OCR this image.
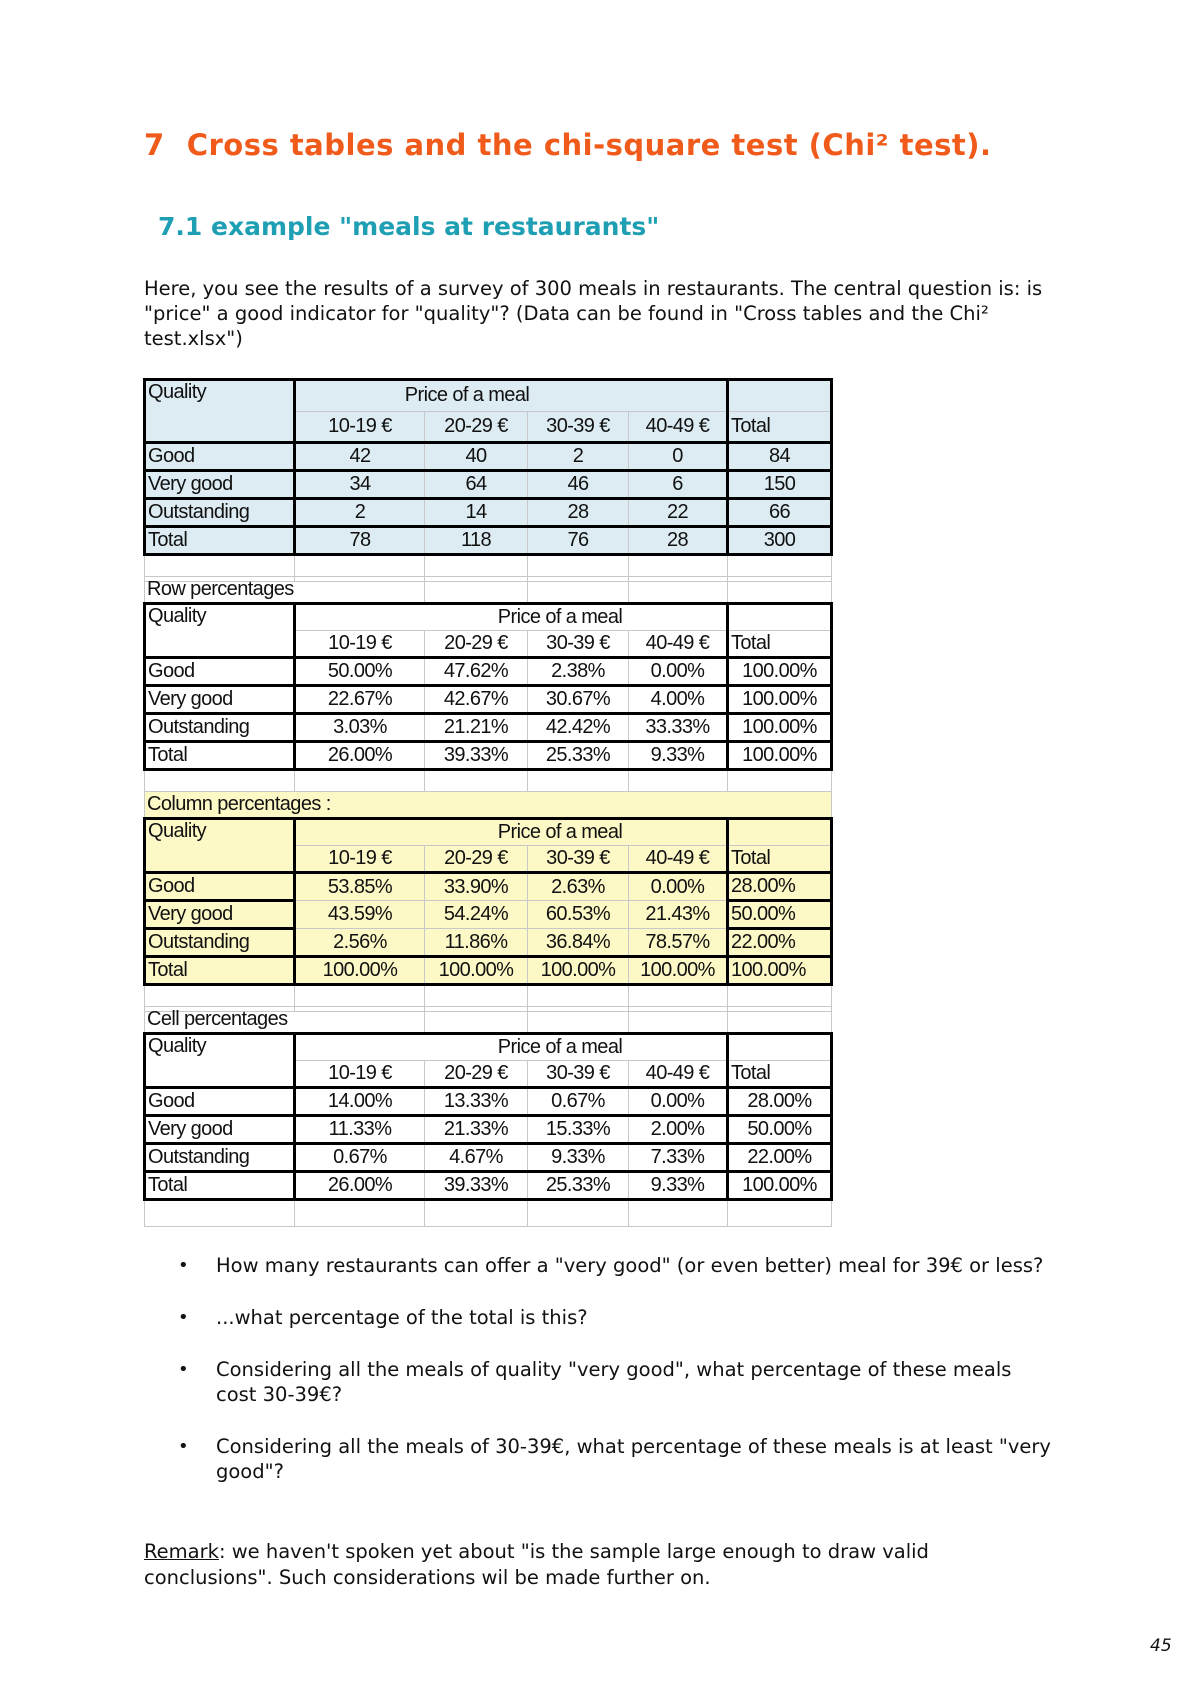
7 Cross tables and the chi-square test (Chi² test).
7.1 example "meals at restaurants"

Here, you see the results of a survey of 300 meals in restaurants. The central question is: is "price" a good indicator for "quality"? (Data can be found in "Cross tables and the Chi² test.xlsx")

Quality	Price of a meal				
	10-19 €	20-29 €	30-39 €	40-49 €	Total
Good	42	40	2	0	84
Very good	34	64	46	6	150
Outstanding	2	14	28	22	66
Total	78	118	76	28	300

Row percentages					
Quality	Price of a meal				
	10-19 €	20-29 €	30-39 €	40-49 €	Total
Good	50.00%	47.62%	2.38%	0.00%	100.00%
Very good	22.67%	42.67%	30.67%	4.00%	100.00%
Outstanding	3.03%	21.21%	42.42%	33.33%	100.00%
Total	26.00%	39.33%	25.33%	9.33%	100.00%

Column percentages :					
Quality	Price of a meal				
	10-19 €	20-29 €	30-39 €	40-49 €	Total
Good	53.85%	33.90%	2.63%	0.00%	28.00%
Very good	43.59%	54.24%	60.53%	21.43%	50.00%
Outstanding	2.56%	11.86%	36.84%	78.57%	22.00%
Total	100.00%	100.00%	100.00%	100.00%	100.00%

Cell percentages					
Quality	Price of a meal				
	10-19 €	20-29 €	30-39 €	40-49 €	Total
Good	14.00%	13.33%	0.67%	0.00%	28.00%
Very good	11.33%	21.33%	15.33%	2.00%	50.00%
Outstanding	0.67%	4.67%	9.33%	7.33%	22.00%
Total	26.00%	39.33%	25.33%	9.33%	100.00%

• How many restaurants can offer a "very good" (or even better) meal for 39€ or less?
• ...what percentage of the total is this?
• Considering all the meals of quality "very good", what percentage of these meals cost 30-39€?
• Considering all the meals of 30-39€, what percentage of these meals is at least "very good"?

Remark: we haven't spoken yet about "is the sample large enough to draw valid conclusions". Such considerations wil be made further on.

45
